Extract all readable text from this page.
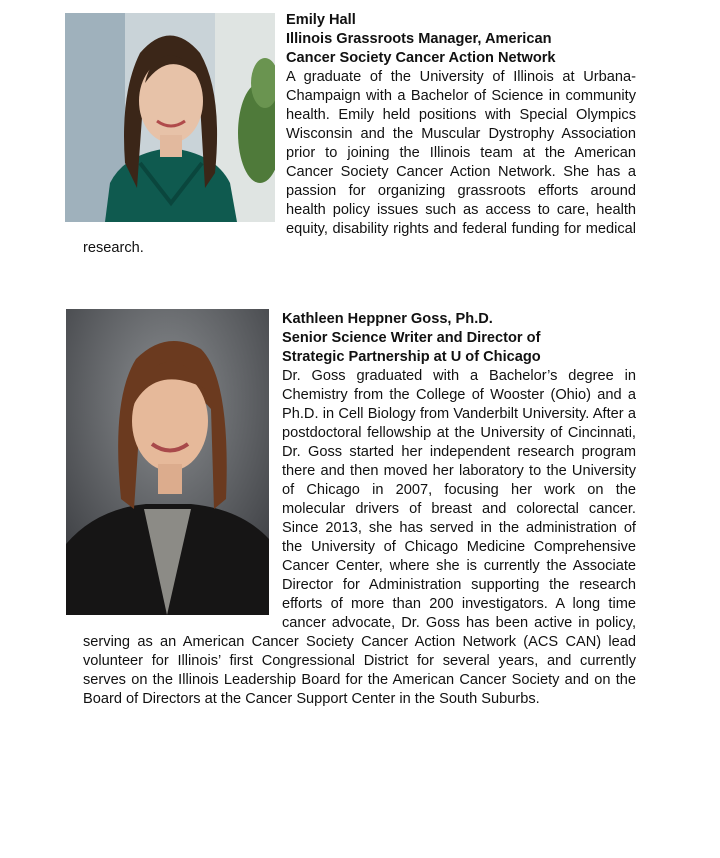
Emily Hall
Illinois Grassroots Manager, American
Cancer Society Cancer Action Network

A graduate of the University of Illinois at Urbana-Champaign with a Bachelor of Science in community health. Emily held positions with Special Olympics Wisconsin and the Muscular Dystrophy Association prior to joining the Illinois team at the American Cancer Society Cancer Action Network. She has a passion for organizing grassroots efforts around health policy issues such as access to care, health equity, disability rights and federal funding for medical research.

Kathleen Heppner Goss, Ph.D.
Senior Science Writer and Director of
Strategic Partnership at U of Chicago

Dr. Goss graduated with a Bachelor’s degree in Chemistry from the College of Wooster (Ohio) and a Ph.D. in Cell Biology from Vanderbilt University. After a postdoctoral fellowship at the University of Cincinnati, Dr. Goss started her independent research program there and then moved her laboratory to the University of Chicago in 2007, focusing her work on the molecular drivers of breast and colorectal cancer. Since 2013, she has served in the administration of the University of Chicago Medicine Comprehensive Cancer Center, where she is currently the Associate Director for Administration supporting the research efforts of more than 200 investigators. A long time cancer advocate, Dr. Goss has been active in policy, serving as an American Cancer Society Cancer Action Network (ACS CAN) lead volunteer for Illinois’ first Congressional District for several years, and currently serves on the Illinois Leadership Board for the American Cancer Society and on the Board of Directors at the Cancer Support Center in the South Suburbs.
